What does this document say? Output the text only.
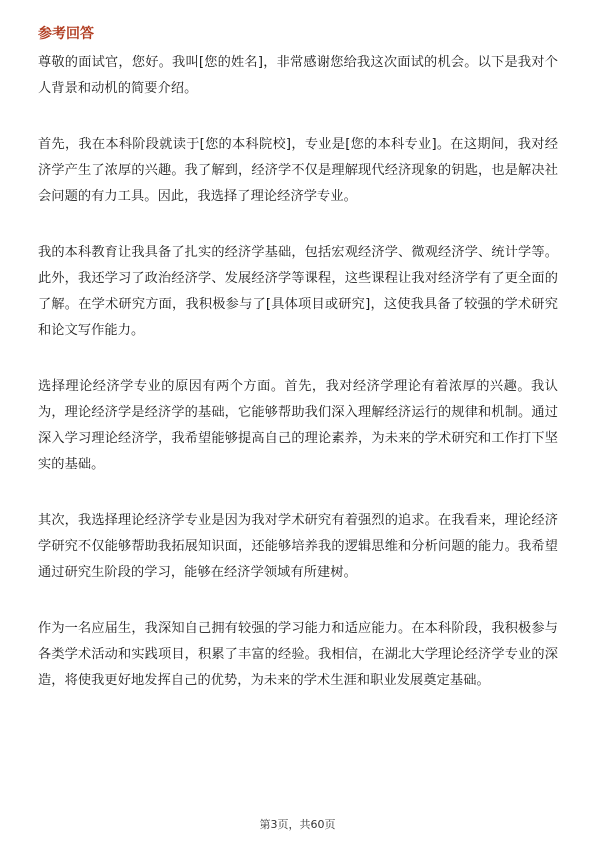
参考回答

尊敬的面试官，您好。我叫[您的姓名]，非常感谢您给我这次面试的机会。以下是我对个人背景和动机的简要介绍。

首先，我在本科阶段就读于[您的本科院校]，专业是[您的本科专业]。在这期间，我对经济学产生了浓厚的兴趣。我了解到，经济学不仅是理解现代经济现象的钥匙，也是解决社会问题的有力工具。因此，我选择了理论经济学专业。

我的本科教育让我具备了扎实的经济学基础，包括宏观经济学、微观经济学、统计学等。此外，我还学习了政治经济学、发展经济学等课程，这些课程让我对经济学有了更全面的了解。在学术研究方面，我积极参与了[具体项目或研究]，这使我具备了较强的学术研究和论文写作能力。

选择理论经济学专业的原因有两个方面。首先，我对经济学理论有着浓厚的兴趣。我认为，理论经济学是经济学的基础，它能够帮助我们深入理解经济运行的规律和机制。通过深入学习理论经济学，我希望能够提高自己的理论素养，为未来的学术研究和工作打下坚实的基础。

其次，我选择理论经济学专业是因为我对学术研究有着强烈的追求。在我看来，理论经济学研究不仅能够帮助我拓展知识面，还能够培养我的逻辑思维和分析问题的能力。我希望通过研究生阶段的学习，能够在经济学领域有所建树。

作为一名应届生，我深知自己拥有较强的学习能力和适应能力。在本科阶段，我积极参与各类学术活动和实践项目，积累了丰富的经验。我相信，在湖北大学理论经济学专业的深造，将使我更好地发挥自己的优势，为未来的学术生涯和职业发展奠定基础。

第3页，共60页
